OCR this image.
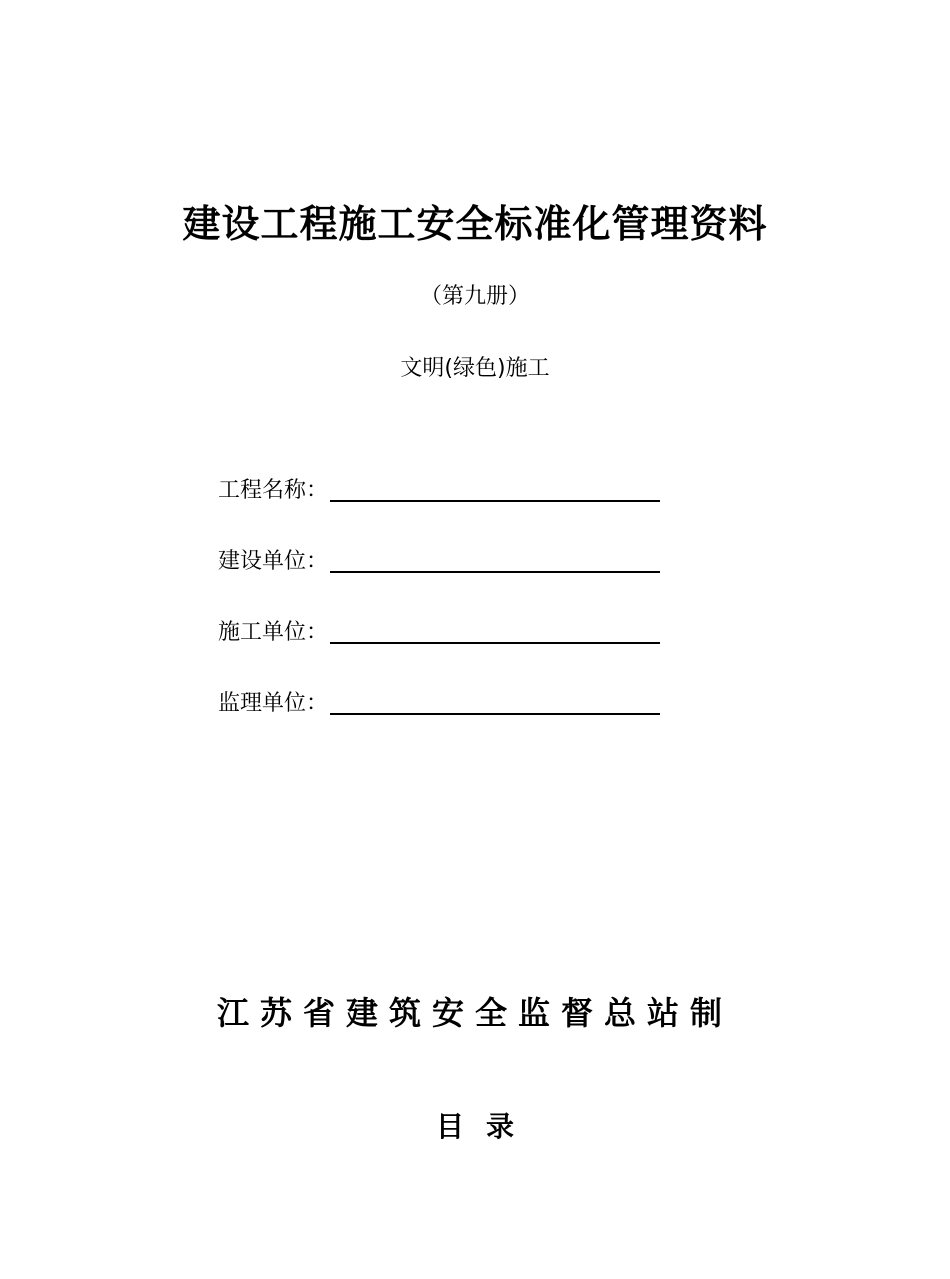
建设工程施工安全标准化管理资料
（第九册）
文明(绿色)施工
工程名称：
建设单位：
施工单位：
监理单位：
江苏省建筑安全监督总站制
目录
